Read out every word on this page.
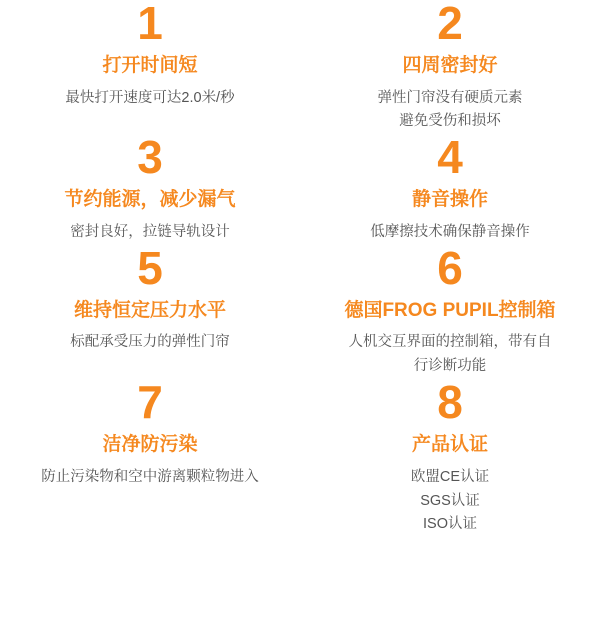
1
打开时间短
最快打开速度可达2.0米/秒
2
四周密封好
弹性门帘没有硬质元素
避免受伤和损坏
3
节约能源，减少漏气
密封良好，拉链导轨设计
4
静音操作
低摩擦技术确保静音操作
5
维持恒定压力水平
标配承受压力的弹性门帘
6
德国FROG PUPIL控制箱
人机交互界面的控制箱，带有自
行诊断功能
7
洁净防污染
防止污染物和空中游离颗粒物进入
8
产品认证
欧盟CE认证
SGS认证
ISO认证
